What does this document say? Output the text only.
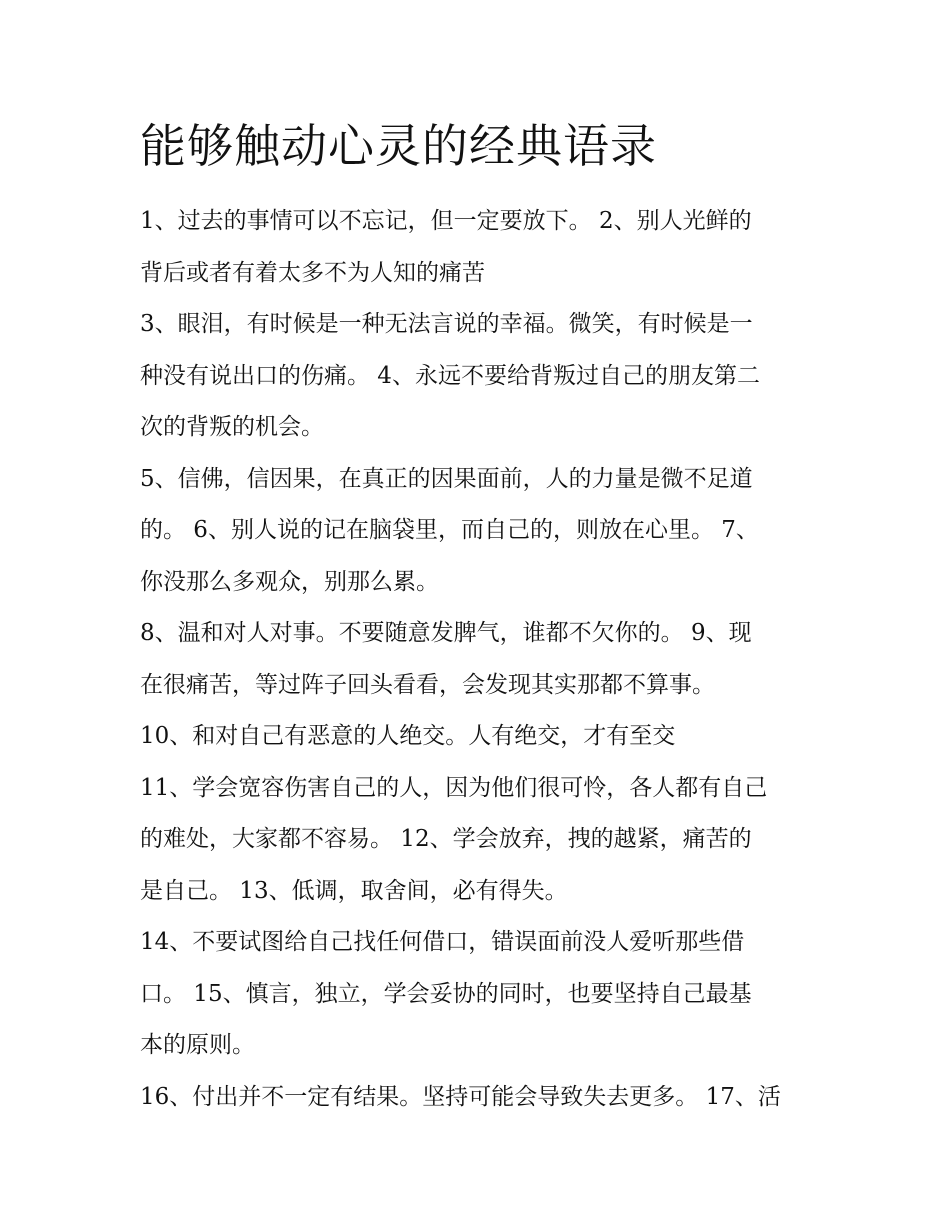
能够触动心灵的经典语录

1、过去的事情可以不忘记，但一定要放下。 2、别人光鲜的
背后或者有着太多不为人知的痛苦

3、眼泪，有时候是一种无法言说的幸福。微笑，有时候是一
种没有说出口的伤痛。 4、永远不要给背叛过自己的朋友第二
次的背叛的机会。

5、信佛，信因果，在真正的因果面前，人的力量是微不足道
的。 6、别人说的记在脑袋里，而自己的，则放在心里。 7、
你没那么多观众，别那么累。

8、温和对人对事。不要随意发脾气，谁都不欠你的。 9、现
在很痛苦，等过阵子回头看看，会发现其实那都不算事。

10、和对自己有恶意的人绝交。人有绝交，才有至交

11、学会宽容伤害自己的人，因为他们很可怜，各人都有自己
的难处，大家都不容易。 12、学会放弃，拽的越紧，痛苦的
是自己。 13、低调，取舍间，必有得失。

14、不要试图给自己找任何借口，错误面前没人爱听那些借
口。 15、慎言，独立，学会妥协的同时，也要坚持自己最基
本的原则。

16、付出并不一定有结果。坚持可能会导致失去更多。 17、活
